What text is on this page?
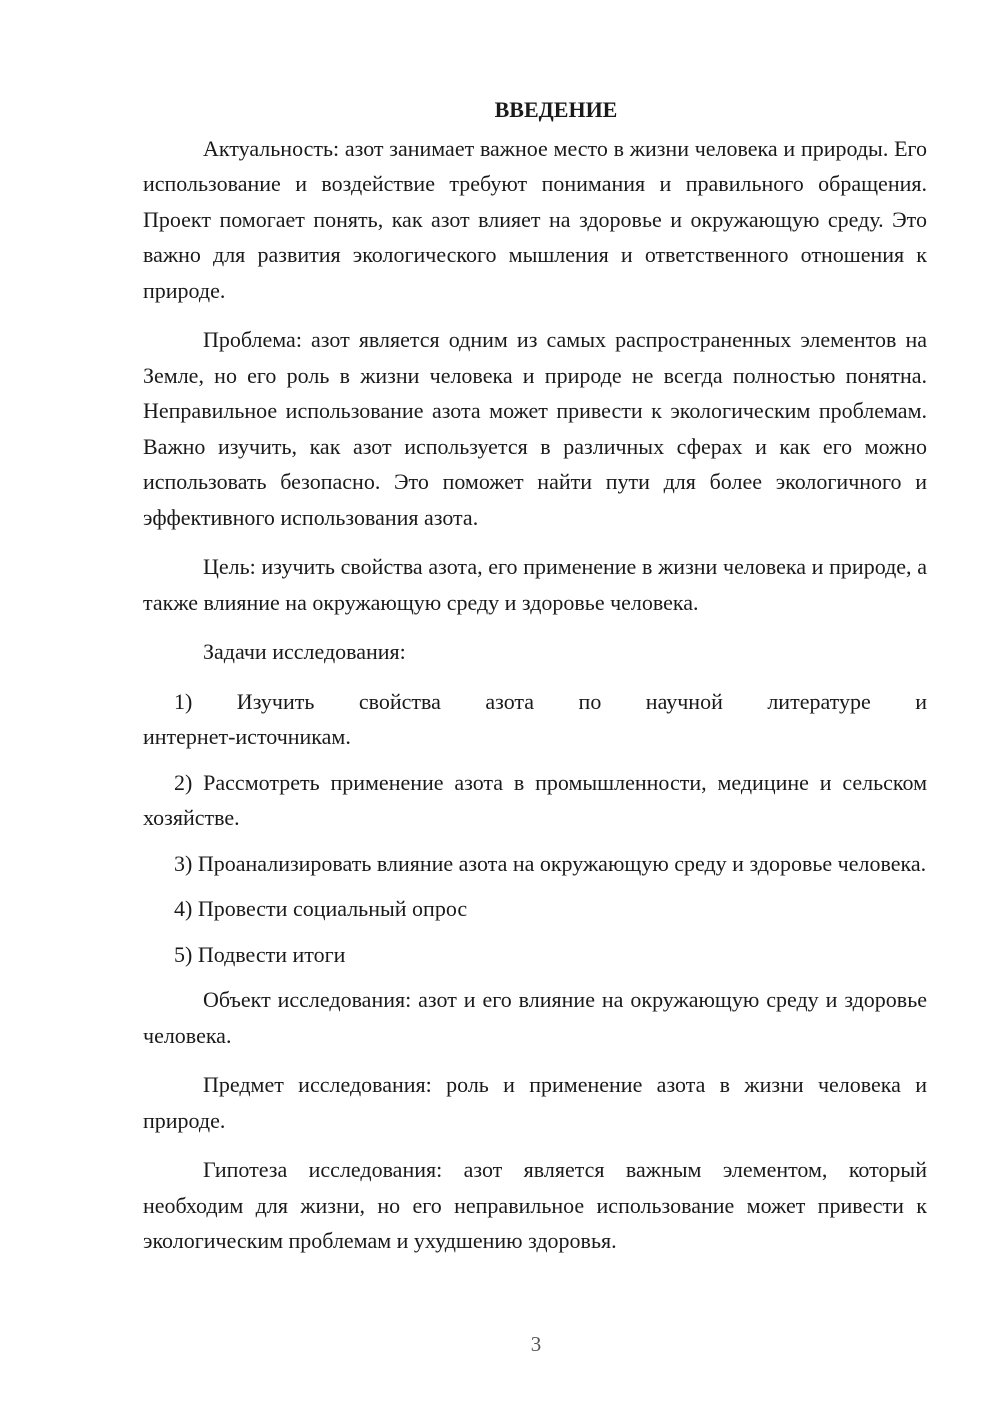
ВВЕДЕНИЕ

Актуальность: азот занимает важное место в жизни человека и природы. Его использование и воздействие требуют понимания и правильного обращения. Проект помогает понять, как азот влияет на здоровье и окружающую среду. Это важно для развития экологического мышления и ответственного отношения к природе.

Проблема: азот является одним из самых распространенных элементов на Земле, но его роль в жизни человека и природе не всегда полностью понятна. Неправильное использование азота может привести к экологическим проблемам. Важно изучить, как азот используется в различных сферах и как его можно использовать безопасно. Это поможет найти пути для более экологичного и эффективного использования азота.

Цель: изучить свойства азота, его применение в жизни человека и природе, а также влияние на окружающую среду и здоровье человека.

Задачи исследования:

1)   Изучить   свойства   азота   по   научной   литературе   и
интернет-источникам.

2) Рассмотреть применение азота в промышленности, медицине и сельском хозяйстве.

3) Проанализировать влияние азота на окружающую среду и здоровье человека.

4) Провести социальный опрос

5) Подвести итоги

Объект исследования: азот и его влияние на окружающую среду и здоровье человека.

Предмет исследования: роль и применение азота в жизни человека и природе.

Гипотеза исследования: азот является важным элементом, который необходим для жизни, но его неправильное использование может привести к экологическим проблемам и ухудшению здоровья.

3
